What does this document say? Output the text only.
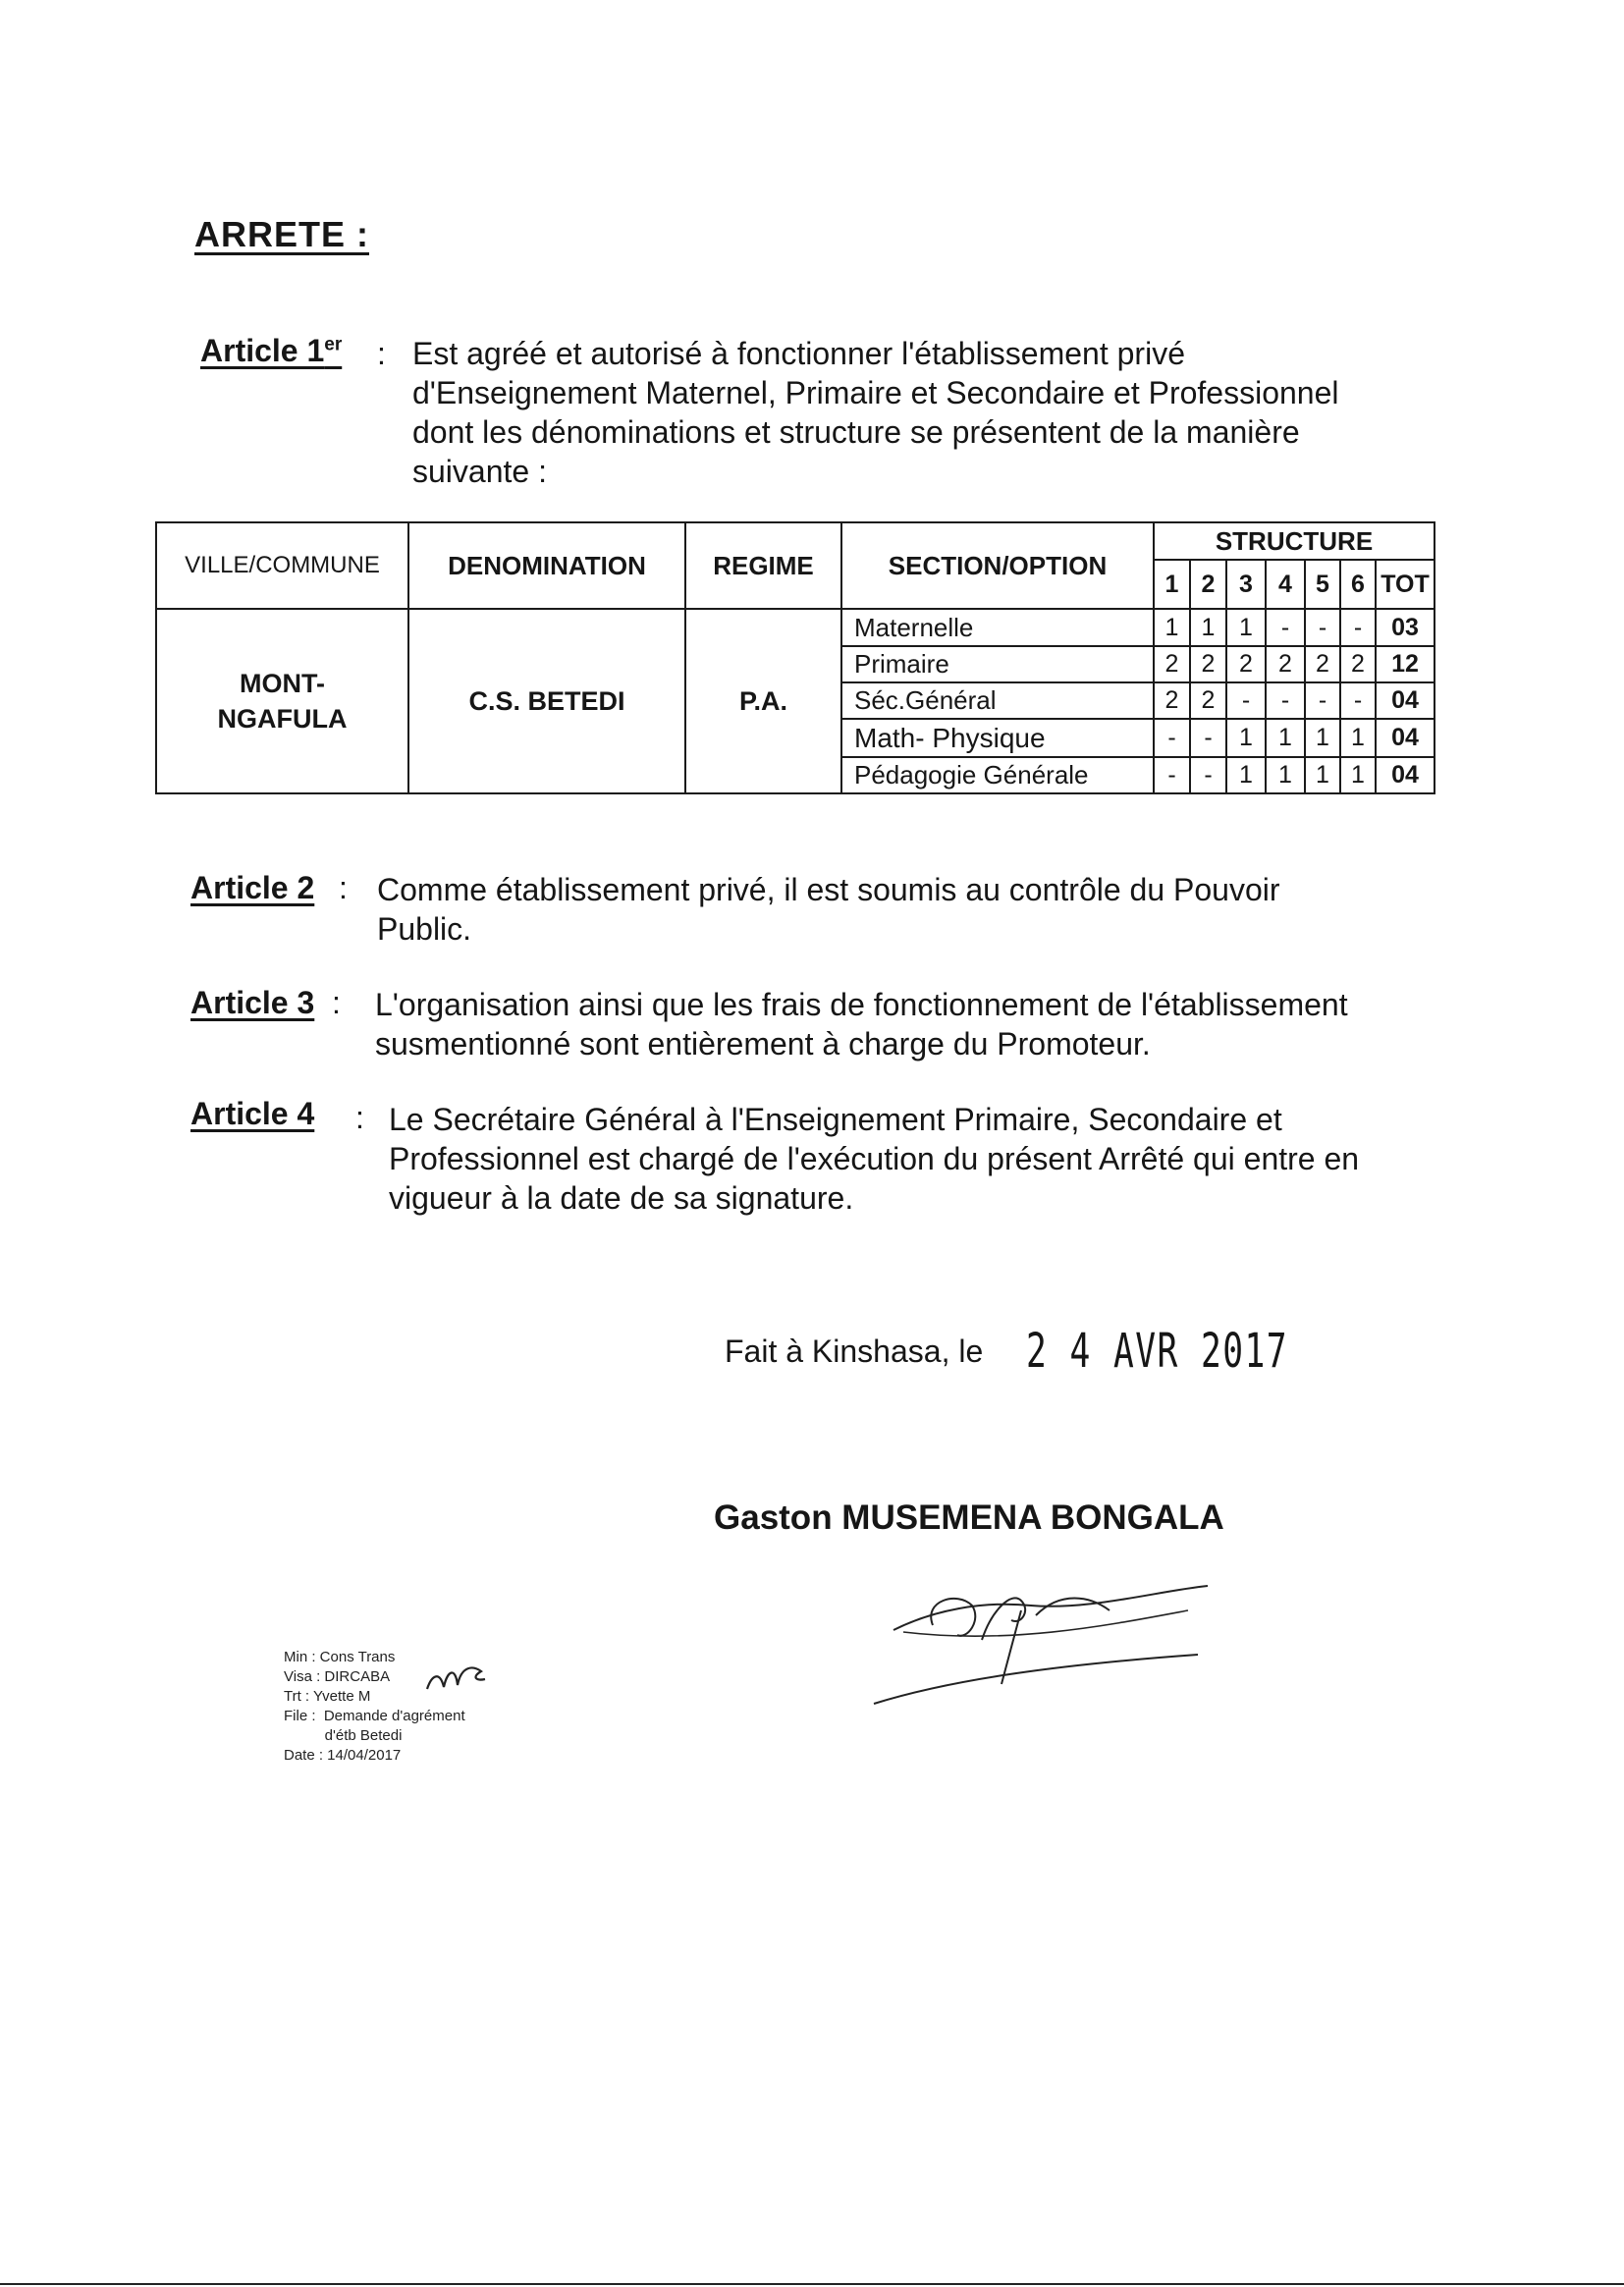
ARRETE :
Article 1er : Est agréé et autorisé à fonctionner l'établissement privé

d'Enseignement Maternel, Primaire et Secondaire et Professionnel

dont les dénominations et structure se présentent de la manière

suivante :

VILLE/COMMUNE	DENOMINATION	REGIME	SECTION/OPTION	STRUCTURE						
				1	2	3	4	5	6	TOT
MONT-
NGAFULA	C.S. BETEDI	P.A.	Maternelle	1	1	1	-	-	-	03
			Primaire	2	2	2	2	2	2	12
			Séc.Général	2	2	-	-	-	-	04
			Math- Physique	-	-	1	1	1	1	04
			Pédagogie Générale	-	-	1	1	1	1	04
Article 2 : Comme établissement privé, il est soumis au contrôle du Pouvoir

Public.

Article 3 : L'organisation ainsi que les frais de fonctionnement de l'établissement

susmentionné sont entièrement à charge du Promoteur.

Article 4 : Le Secrétaire Général à l'Enseignement Primaire, Secondaire et

Professionnel est chargé de l'exécution du présent Arrêté qui entre en

vigueur à la date de sa signature.

Fait à Kinshasa, le 2 4 AVR 2017
Gaston MUSEMENA BONGALA
Min : Cons Trans
Visa : DIRCABA
Trt : Yvette M
File :  Demande d'agrément
d'étb Betedi
Date : 14/04/2017
